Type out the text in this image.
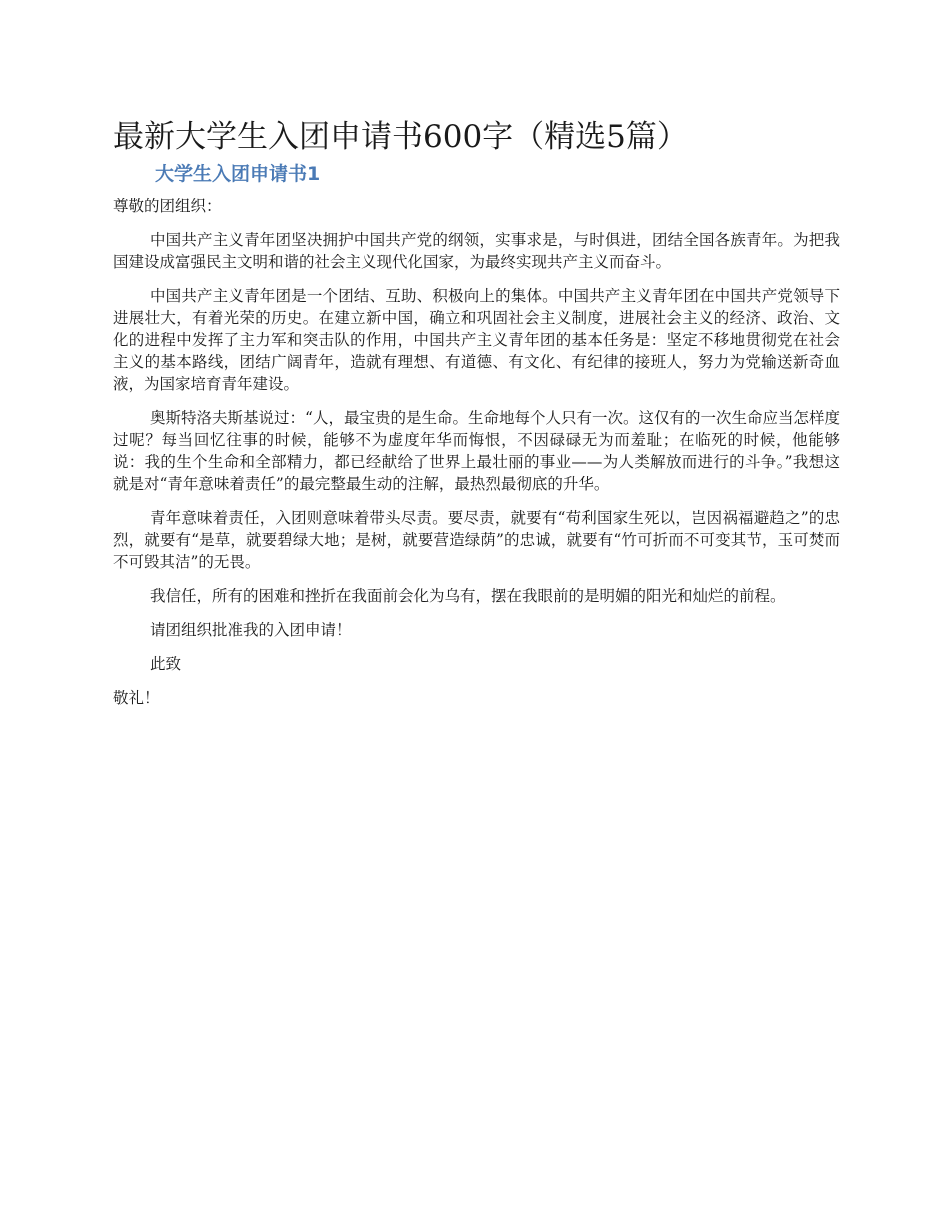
最新大学生入团申请书600字（精选5篇）
大学生入团申请书1

尊敬的团组织：

中国共产主义青年团坚决拥护中国共产党的纲领，实事求是，与时俱进，团结全国各族青年。为把我国建设成富强民主文明和谐的社会主义现代化国家，为最终实现共产主义而奋斗。

中国共产主义青年团是一个团结、互助、积极向上的集体。中国共产主义青年团在中国共产党领导下进展壮大，有着光荣的历史。在建立新中国，确立和巩固社会主义制度，进展社会主义的经济、政治、文化的进程中发挥了主力军和突击队的作用，中国共产主义青年团的基本任务是：坚定不移地贯彻党在社会主义的基本路线，团结广阔青年，造就有理想、有道德、有文化、有纪律的接班人，努力为党输送新奇血液，为国家培育青年建设。

奥斯特洛夫斯基说过：“人，最宝贵的是生命。生命地每个人只有一次。这仅有的一次生命应当怎样度过呢？每当回忆往事的时候，能够不为虚度年华而悔恨，不因碌碌无为而羞耻；在临死的时候，他能够说：我的生个生命和全部精力，都已经献给了世界上最壮丽的事业——为人类解放而进行的斗争。”我想这就是对“青年意味着责任”的最完整最生动的注解，最热烈最彻底的升华。

青年意味着责任，入团则意味着带头尽责。要尽责，就要有“苟利国家生死以，岂因祸福避趋之”的忠烈，就要有“是草，就要碧绿大地；是树，就要营造绿荫”的忠诚，就要有“竹可折而不可变其节，玉可焚而不可毁其洁”的无畏。

我信任，所有的困难和挫折在我面前会化为乌有，摆在我眼前的是明媚的阳光和灿烂的前程。

请团组织批准我的入团申请！

此致

敬礼！
